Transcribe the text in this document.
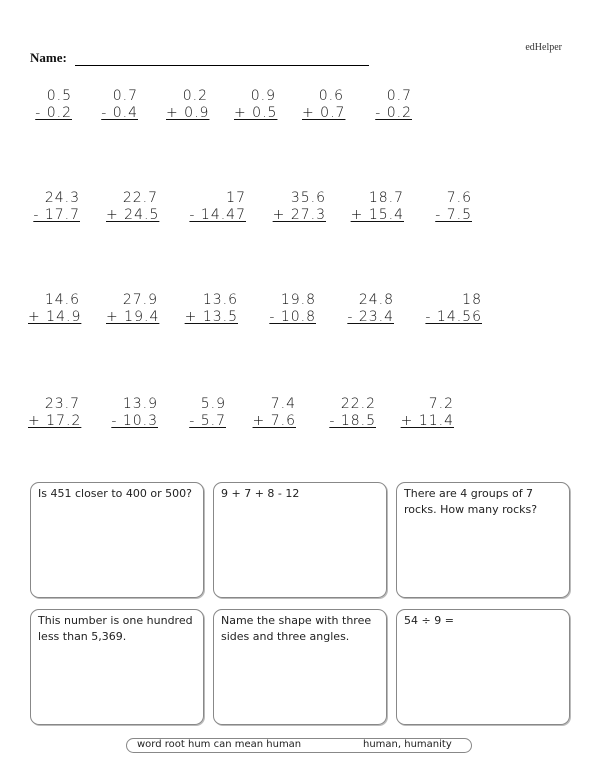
edHelper
Name:
0.5
- 0.2
0.7
- 0.4
0.2
+ 0.9
0.9
+ 0.5
0.6
+ 0.7
0.7
- 0.2
24.3
- 17.7
22.7
+ 24.5
17
- 14.47
35.6
+ 27.3
18.7
+ 15.4
7.6
- 7.5
14.6
+ 14.9
27.9
+ 19.4
13.6
+ 13.5
19.8
- 10.8
24.8
- 23.4
18
- 14.56
23.7
+ 17.2
13.9
- 10.3
5.9
- 5.7
7.4
+ 7.6
22.2
- 18.5
7.2
+ 11.4
Is 451 closer to 400 or 500?	9 + 7 + 8 - 12	There are 4 groups of 7 rocks. How many rocks?
This number is one hundred less than 5,369.
Name the shape with three sides and three angles.
54 ÷ 9 =
word root hum can mean human	human, humanity
